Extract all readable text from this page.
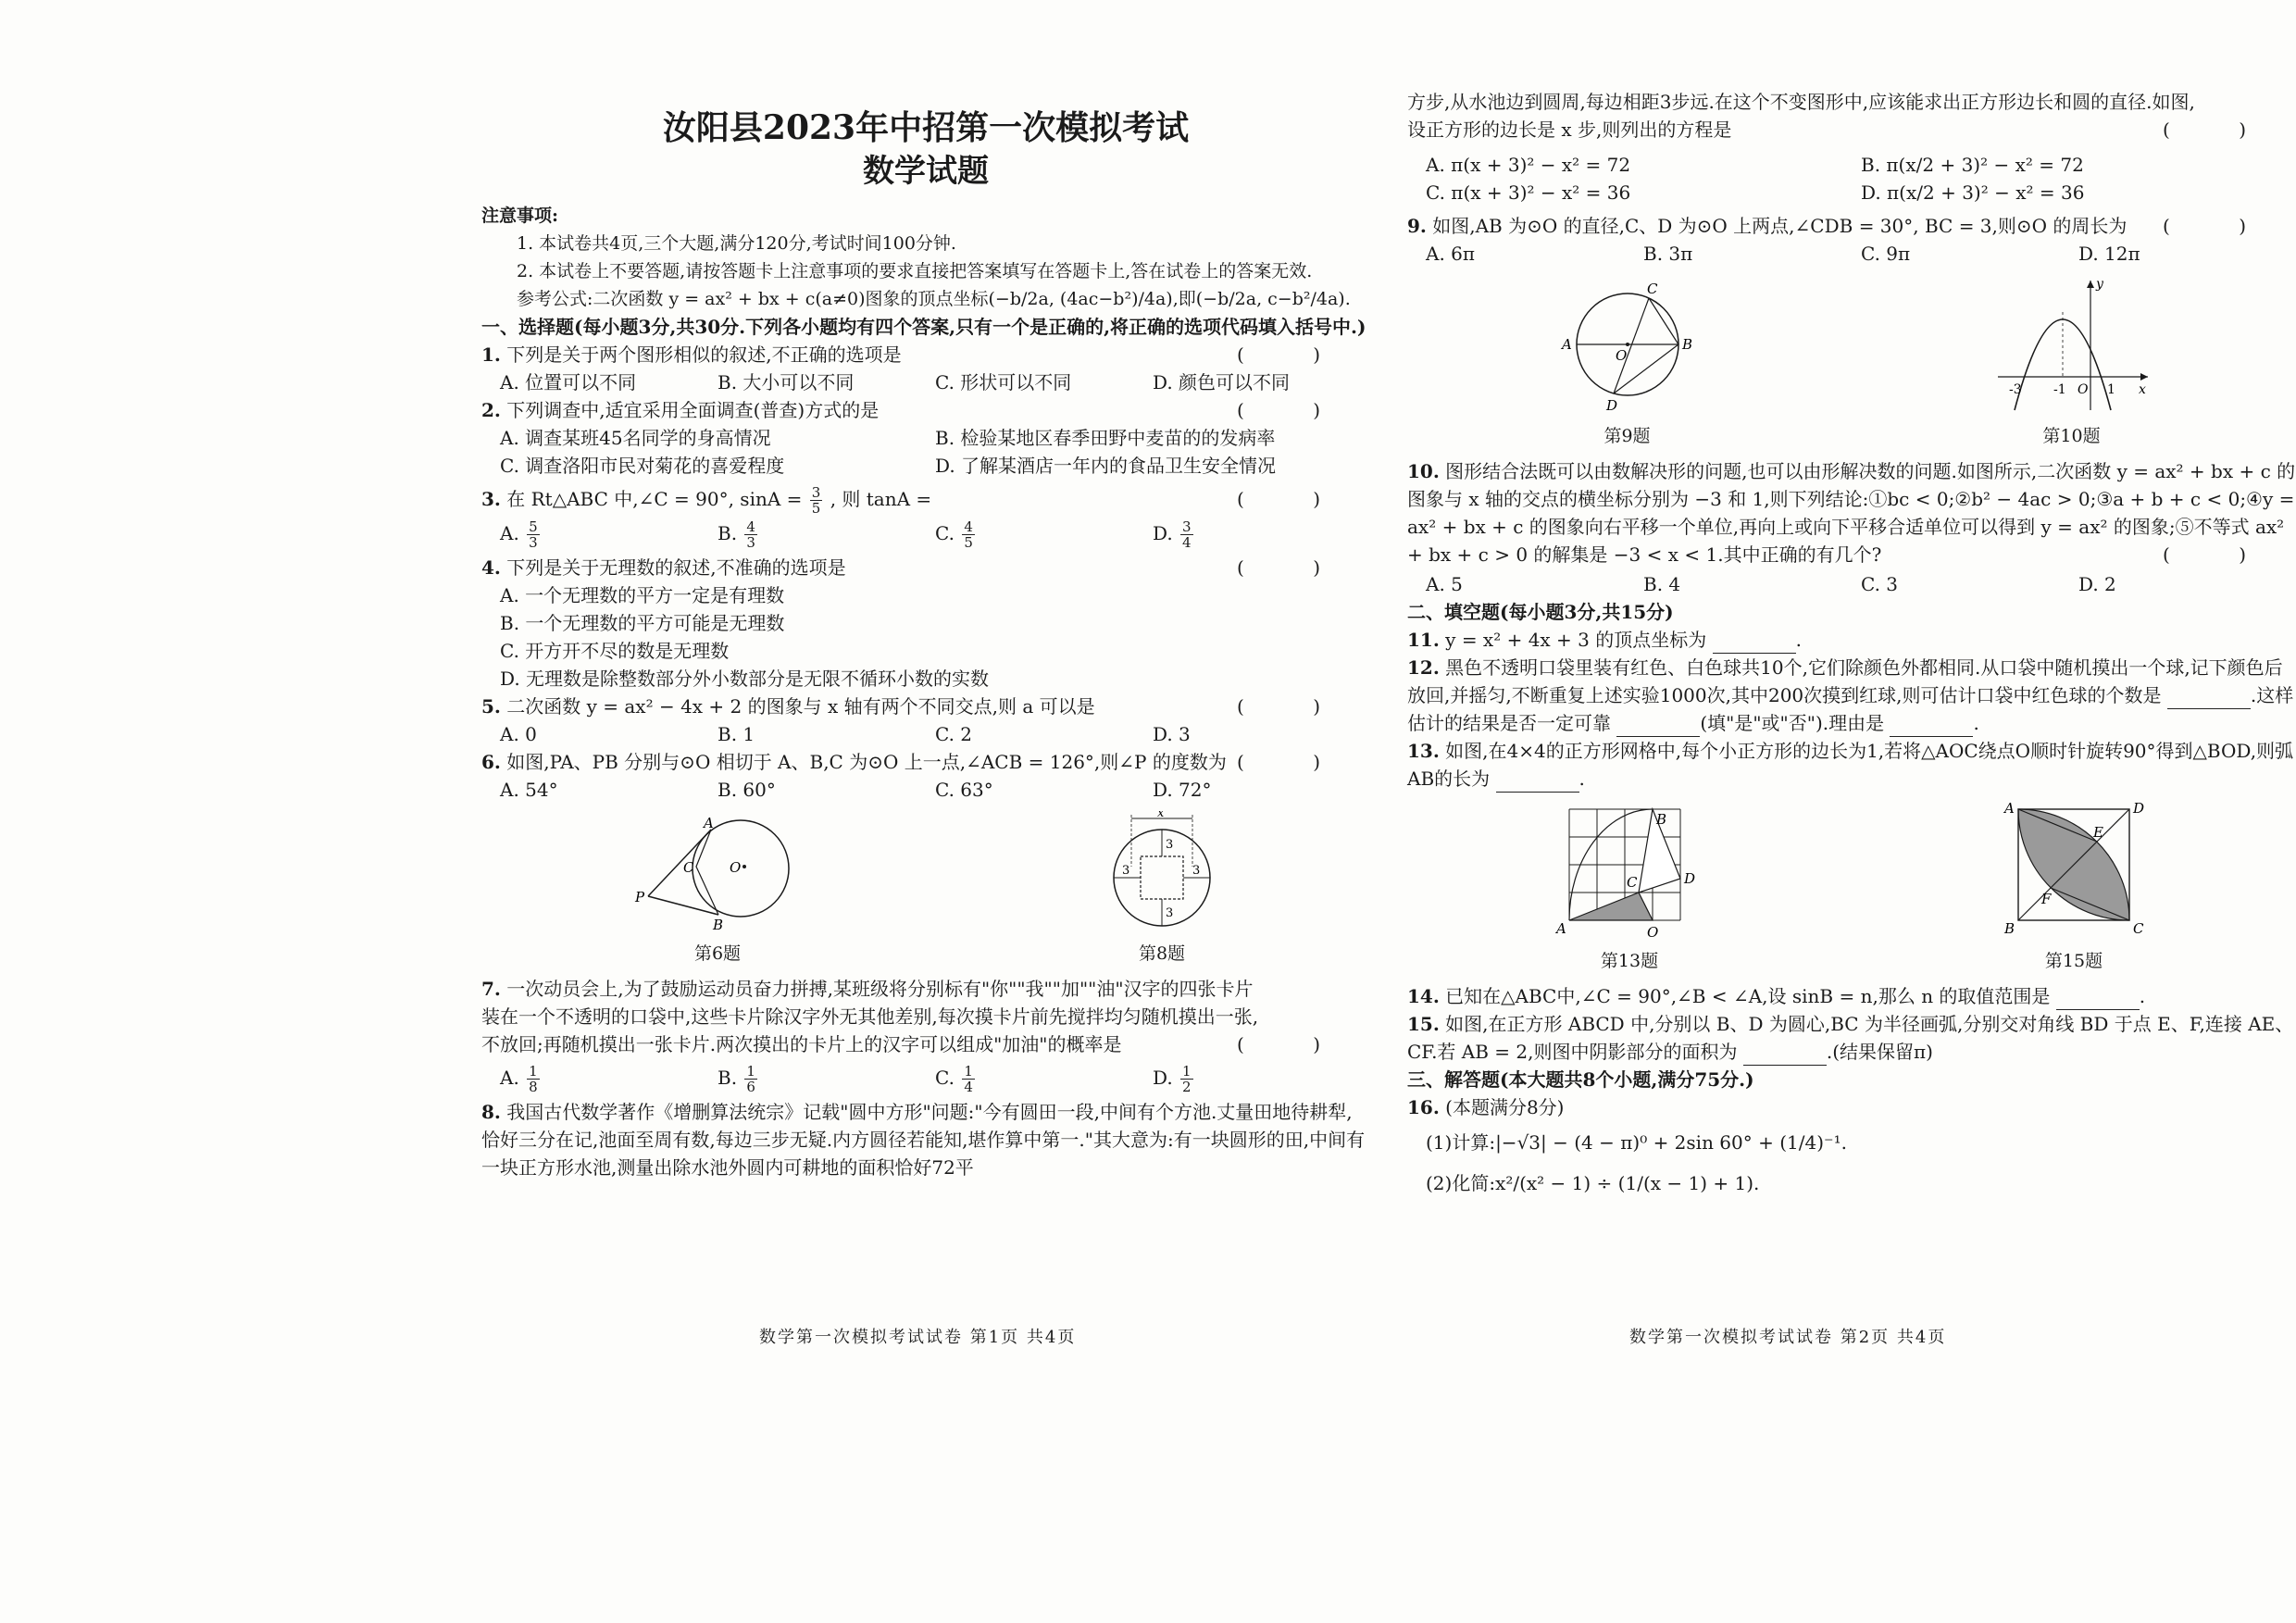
汝阳县2023年中招第一次模拟考试
数学试题
注意事项:
1. 本试卷共4页,三个大题,满分120分,考试时间100分钟.
2. 本试卷上不要答题,请按答题卡上注意事项的要求直接把答案填写在答题卡上,答在试卷上的答案无效.
参考公式:二次函数 y = ax² + bx + c(a≠0)图象的顶点坐标(−b/2a, (4ac−b²)/4a),即(−b/2a, c−b²/4a).
一、选择题(每小题3分,共30分.下列各小题均有四个答案,只有一个是正确的,将正确的选项代码填入括号中.)
1. 下列是关于两个图形相似的叙述,不正确的选项是	( )
A. 位置可以不同	B. 大小可以不同	C. 形状可以不同	D. 颜色可以不同
2. 下列调查中,适宜采用全面调查(普查)方式的是	( )
A. 调查某班45名同学的身高情况	B. 检验某地区春季田野中麦苗的的发病率
C. 调查洛阳市民对菊花的喜爱程度	D. 了解某酒店一年内的食品卫生安全情况
3. 在 Rt△ABC 中,∠C = 90°, $\sin A = \frac{3}{5}$ , 则 tanA =	( )
A. $\frac{5}{3}$	B. $\frac{4}{3}$	C. $\frac{4}{5}$	D. $\frac{3}{4}$
4. 下列是关于无理数的叙述,不准确的选项是	( )
A. 一个无理数的平方一定是有理数
B. 一个无理数的平方可能是无理数
C. 开方开不尽的数是无理数
D. 无理数是除整数部分外小数部分是无限不循环小数的实数
5. 二次函数 y = ax² − 4x + 2 的图象与 x 轴有两个不同交点,则 a 可以是	( )
A. 0	B. 1	C. 2	D. 3
6. 如图,PA、PB 分别与⊙O 相切于 A、B,C 为⊙O 上一点,∠ACB = 126°,则∠P 的度数为 ( )
A. 54°	B. 60°	C. 63°	D. 72°
A
C	O
P
B
第6题
x
3
3
3	3
第8题
7. 一次动员会上,为了鼓励运动员奋力拼搏,某班级将分别标有"你""我""加""油"汉字的四张卡片装在一个不透明的口袋中,这些卡片除汉字外无其他差别,每次摸卡片前先搅拌均匀随机摸出一张,不放回;再随机摸出一张卡片.两次摸出的卡片上的汉字可以组成"加油"的概率是	( )
A. $\frac{1}{8}$	B. $\frac{1}{6}$	C. $\frac{1}{4}$	D. $\frac{1}{2}$
8. 我国古代数学著作《增删算法统宗》记载"圆中方形"问题:"今有圆田一段,中间有个方池.丈量田地待耕犁,恰好三分在记,池面至周有数,每边三步无疑.内方圆径若能知,堪作算中第一."其大意为:有一块圆形的田,中间有一块正方形水池,测量出除水池外圆内可耕地的面积恰好72平
数学第一次模拟考试试卷 第1页 共4页
方步,从水池边到圆周,每边相距3步远.在这个不变图形中,应该能求出正方形边长和圆的直径.如图,设正方形的边长是 x 步,则列出的方程是	( )
A. π(x + 3)² − x² = 72	B. π(x/2 + 3)² − x² = 72
C. π(x + 3)² − x² = 36	D. π(x/2 + 3)² − x² = 36
9. 如图,AB 为⊙O 的直径,C、D 为⊙O 上两点,∠CDB = 30°, BC = 3,则⊙O 的周长为 ( )
A. 6π	B. 3π	C. 9π	D. 12π
C
A
O
B
D
第9题
y
-3 -1 O 1 x
第10题
10. 图形结合法既可以由数解决形的问题,也可以由形解决数的问题.如图所示,二次函数 y = ax² + bx + c 的图象与 x 轴的交点的横坐标分别为 −3 和 1,则下列结论:①bc < 0;②b² − 4ac > 0;③a + b + c < 0;④y = ax² + bx + c 的图象向右平移一个单位,再向上或向下平移合适单位可以得到 y = ax² 的图象;⑤不等式 ax² + bx + c > 0 的解集是 −3 < x < 1.其中正确的有几个?	( )
A. 5	B. 4	C. 3	D. 2
二、填空题(每小题3分,共15分)
11. y = x² + 4x + 3 的顶点坐标为	.
12. 黑色不透明口袋里装有红色、白色球共10个,它们除颜色外都相同.从口袋中随机摸出一个球,记下颜色后放回,并摇匀,不断重复上述实验1000次,其中200次摸到红球,则可估计口袋中红色球的个数是	.这样估计的结果是否一定可靠	(填"是"或"否").理由是	.
13. 如图,在4×4的正方形网格中,每个小正方形的边长为1,若将△AOC绕点O顺时针旋转90°得到△BOD,则弧AB的长为	.
B
C	D
A	O
第13题
A	D
E
F
B	C
第15题
14. 已知在△ABC中,∠C = 90°,∠B < ∠A,设 sinB = n,那么 n 的取值范围是	.
15. 如图,在正方形 ABCD 中,分别以 B、D 为圆心,BC 为半径画弧,分别交对角线 BD 于点 E、F,连接 AE、CF.若 AB = 2,则图中阴影部分的面积为	.(结果保留π)
三、解答题(本大题共8个小题,满分75分.)
16. (本题满分8分)
(1)计算:|−√3| − (4 − π)⁰ + 2sin 60° + (1/4)⁻¹.
(2)化简:x²/(x² − 1) ÷ (1/(x − 1) + 1).
数学第一次模拟考试试卷 第2页 共4页
